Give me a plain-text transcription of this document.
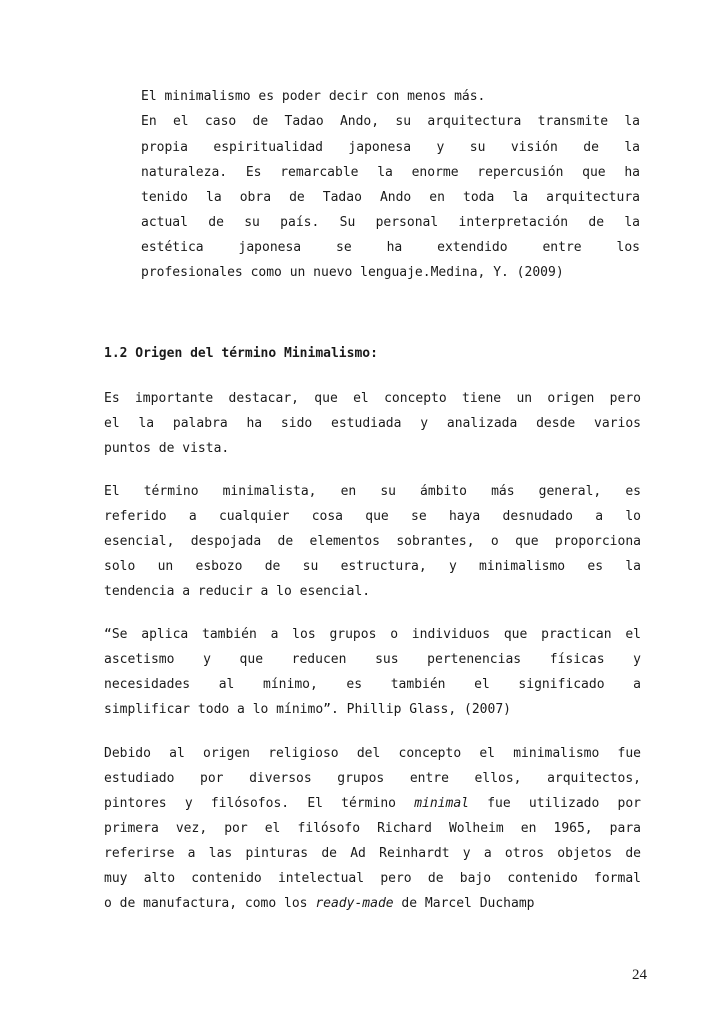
El minimalismo es poder decir con menos más.
En el caso de Tadao Ando, su arquitectura transmite la
propia espiritualidad japonesa y su visión de la
naturaleza. Es remarcable la enorme repercusión que ha
tenido la obra de Tadao Ando en toda la arquitectura
actual de su país. Su personal interpretación de la
estética japonesa se ha extendido entre los
profesionales como un nuevo lenguaje.Medina, Y. (2009)
1.2 Origen del término Minimalismo:
Es importante destacar, que el concepto tiene un origen pero
el la palabra ha sido estudiada y analizada desde varios
puntos de vista.
El término minimalista, en su ámbito más general, es
referido a cualquier cosa que se haya desnudado a lo
esencial, despojada de elementos sobrantes, o que proporciona
solo un esbozo de su estructura, y minimalismo es la
tendencia a reducir a lo esencial.
“Se aplica también a los grupos o individuos que practican el
ascetismo y que reducen sus pertenencias físicas y
necesidades al mínimo, es también el significado a
simplificar todo a lo mínimo”. Phillip Glass, (2007)
Debido al origen religioso del concepto el minimalismo fue
estudiado por diversos grupos entre ellos, arquitectos,
pintores y filósofos. El término minimal fue utilizado por
primera vez, por el filósofo Richard Wolheim en 1965, para
referirse a las pinturas de Ad Reinhardt y a otros objetos de
muy alto contenido intelectual pero de bajo contenido formal
o de manufactura, como los ready-made de Marcel Duchamp
24
